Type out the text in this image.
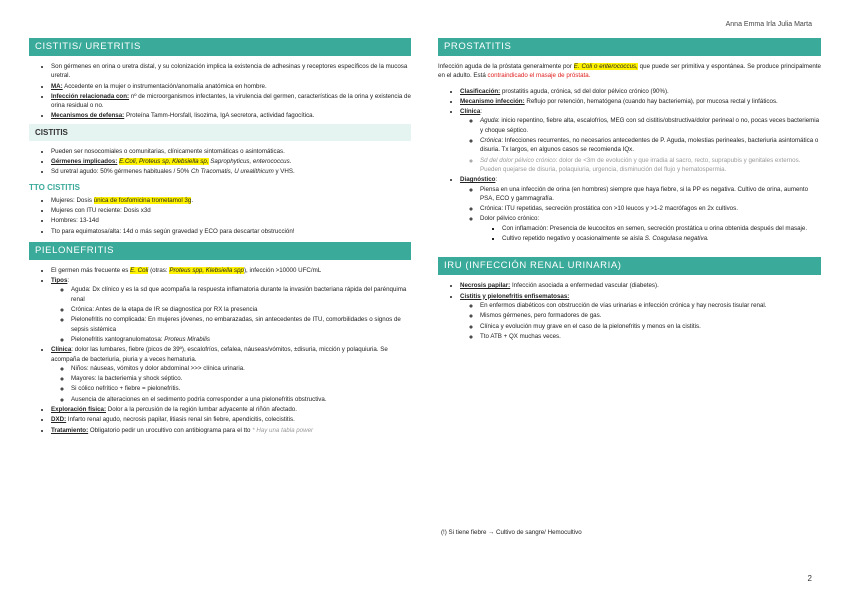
Anna Emma Irla Julia Marta
CISTITIS/ URETRITIS
• Son gérmenes en orina o uretra distal, y su colonización implica la existencia de adhesinas y receptores específicos de la mucosa uretral.
• MA: Accedente en la mujer o instrumentación/anomalía anatómica en hombre.
• Infección relacionada con: nº de microorganismos infectantes, la virulencia del germen, características de la orina y existencia de orina residual o no.
• Mecanismos de defensa: Proteína Tamm-Horsfall, lisozima, IgA secretora, actividad fagocítica.
CISTITIS
• Pueden ser nosocomiales o comunitarias, clínicamente sintomáticas o asintomáticas.
• Gérmenes implicados: E.Coli, Proteus sp, Klebsiella sp, Saprophyticus, enterococcus.
• Sd uretral agudo: 50% gérmenes habituales / 50% Ch Tracomatis, U urealithicum y VHS.
TTO CISTITIS
• Mujeres: Dosis única de fosfomicina trometamol 3g.
• Mujeres con ITU reciente: Dosis x3d
• Hombres: 13-14d
• Tto para equimatosa/alta: 14d o más según gravedad y ECO para descartar obstrucción!
PIELONEFRITIS
• El germen más frecuente es E. Coli (otras: Proteus spp, Klebsiella spp), infección >10000 UFC/mL
• Tipos:
◦ Aguda: Dx clínico y es la sd que acompaña la respuesta inflamatoria durante la invasión bacteriana rápida del parénquima renal
◦ Crónica: Antes de la etapa de IR se diagnostica por RX la presencia
◦ Pielonefritis no complicada: En mujeres jóvenes, no embarazadas, sin antecedentes de ITU, comorbilidades o signos de sepsis sistémica
◦ Pielonefritis xantogranulomatosa: Proteus Mirabilis
• Clínica: dolor las lumbares, fiebre (picos de 39º), escalofríos, cefalea, náuseas/vómitos, ±disuria, micción y polaquiuria. Se acompaña de bacteriuria, piuria y a veces hematuria.
◦ Niños: náuseas, vómitos y dolor abdominal >>> clínica urinaria.
◦ Mayores: la bacteriemia y shock séptico.
◦ Si cólico nefrítico + fiebre = pielonefritis.
◦ Ausencia de alteraciones en el sedimento podría corresponder a una pielonefritis obstructiva.
• Exploración física: Dolor a la percusión de la región lumbar adyacente al riñón afectado.
• DXD: Infarto renal agudo, necrosis papilar, litiasis renal sin fiebre, apendicitis, colecistitis.
• Tratamiento: Obligatorio pedir un urocultivo con antibiograma para el tto * Hay una tabla power
PROSTATITIS

Infección aguda de la próstata generalmente por E. Coli o enterococcus, que puede ser primitiva y espontánea. Se produce principalmente en el adulto. Está contraindicado el masaje de próstata.

• Clasificación: prostatitis aguda, crónica, sd del dolor pélvico crónico (90%).
• Mecanismo infección: Reflujo por retención, hematógena (cuando hay bacteriemia), por mucosa rectal y linfáticos.
• Clínica:
◦ Aguda: inicio repentino, fiebre alta, escalofríos, MEG con sd cistitis/obstructiva/dolor perineal o no, pocas veces bacteriemia y choque séptico.
◦ Crónica: Infecciones recurrentes, no necesarios antecedentes de P. Aguda, molestias perineales, bacteriuria asintomática o disuria. Tx largos, en algunos casos se recomienda IQx.
◦ Sd del dolor pélvico crónico: dolor de <3m de evolución y que irradia al sacro, recto, suprapubis y genitales externos. Pueden quejarse de disuria, polaquiuria, urgencia, disminución del flujo y hematospermia.
• Diagnóstico:
◦ Piensa en una infección de orina (en hombres) siempre que haya fiebre, si la PP es negativa. Cultivo de orina, aumento PSA, ECO y gammagrafía.
◦ Crónica: ITU repetidas, secreción prostática con >10 leucos y >1-2 macrófagos en 2x cultivos.
◦ Dolor pélvico crónico:
▪ Con inflamación: Presencia de leucocitos en semen, secreción prostática u orina obtenida después del masaje.
▪ Cultivo repetido negativo y ocasionalmente se aísla S. Coagulasa negativa.
IRU (INFECCIÓN RENAL URINARIA)
• Necrosis papilar: Infección asociada a enfermedad vascular (diabetes).
• Cistitis y pielonefritis enfisematosas:
◦ En enfermos diabéticos con obstrucción de vías urinarias e infección crónica y hay necrosis tisular renal.
◦ Mismos gérmenes, pero formadores de gas.
◦ Clínica y evolución muy grave en el caso de la pielonefritis y menos en la cistitis.
◦ Tto ATB + QX muchas veces.
(!) Si tiene fiebre → Cultivo de sangre/ Hemocultivo
2
